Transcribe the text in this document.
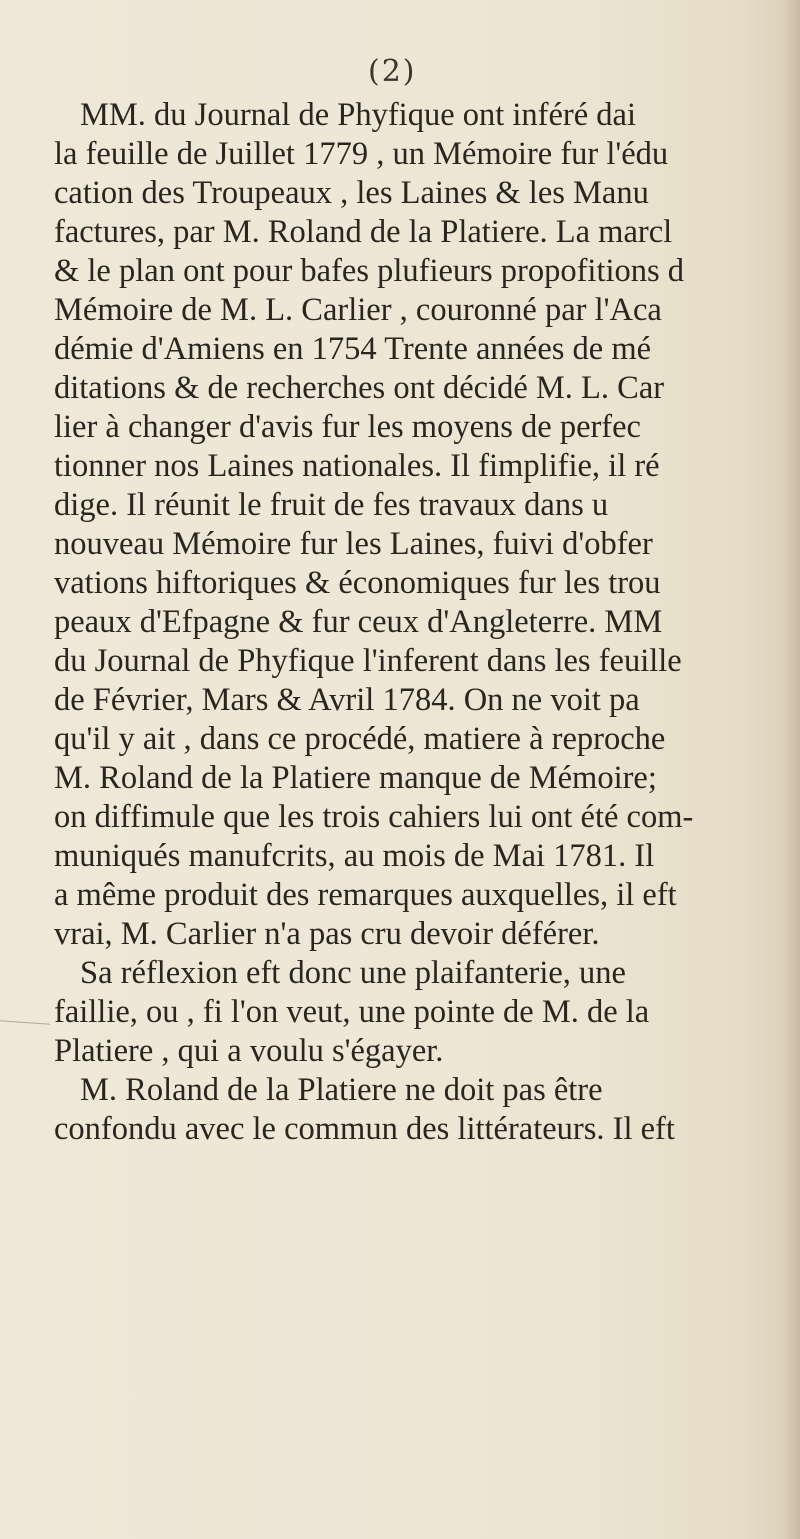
(2)
MM. du Journal de Phyfique ont inféré dai
la feuille de Juillet 1779 , un Mémoire fur l'édu
cation des Troupeaux , les Laines & les Manu
factures, par M. Roland de la Platiere. La marcl
& le plan ont pour bafes plufieurs propofitions d
Mémoire de M. L. Carlier , couronné par l'Aca
démie d'Amiens en 1754 Trente années de mé
ditations & de recherches ont décidé M. L. Car
lier à changer d'avis fur les moyens de perfec
tionner nos Laines nationales. Il fimplifie, il ré
dige. Il réunit le fruit de fes travaux dans u
nouveau Mémoire fur les Laines, fuivi d'obfer
vations hiftoriques & économiques fur les trou
peaux d'Efpagne & fur ceux d'Angleterre. MM
du Journal de Phyfique l'inferent dans les feuille
de Février, Mars & Avril 1784. On ne voit pa
qu'il y ait , dans ce procédé, matiere à reproche
M. Roland de la Platiere manque de Mémoire;
on diffimule que les trois cahiers lui ont été com-
muniqués manufcrits, au mois de Mai 1781. Il
a même produit des remarques auxquelles, il eft
vrai, M. Carlier n'a pas cru devoir déférer.
Sa réflexion eft donc une plaifanterie, une
faillie, ou , fi l'on veut, une pointe de M. de la
Platiere , qui a voulu s'égayer.
M. Roland de la Platiere ne doit pas être
confondu avec le commun des littérateurs. Il eft
